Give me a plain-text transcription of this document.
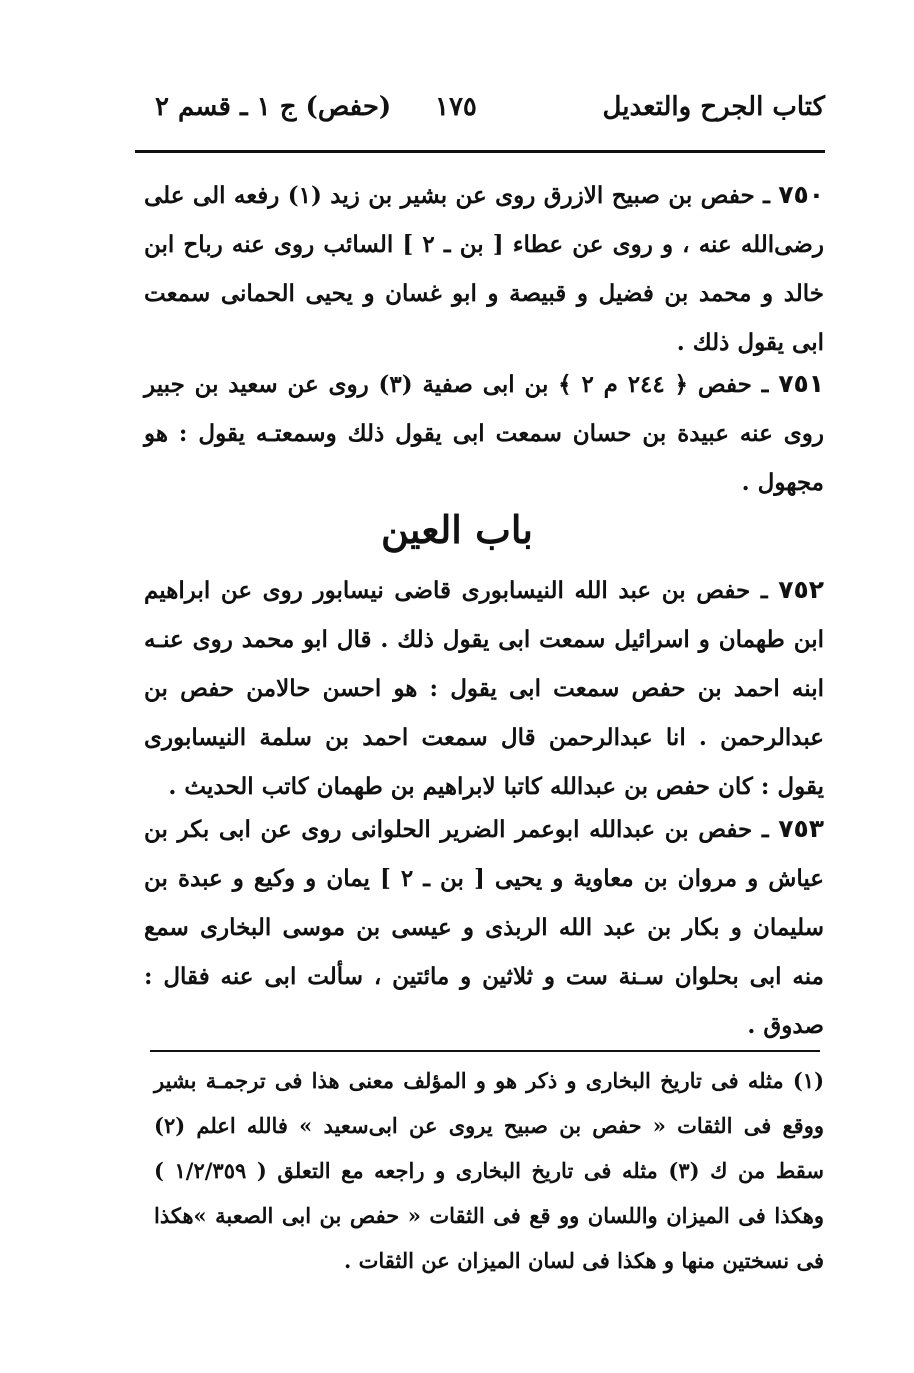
كتاب الجرح والتعديل
١٧٥
(حفص) ج ١ ـ قسم ٢
٧٥٠ ـ حفص بن صبيح الازرق روى عن بشير بن زيد (١) رفعه الى على رضى‌الله عنه ، و روى عن عطاء [ بن ـ ٢ ] السائب روى عنه رباح ابن خالد و محمد بن فضيل و قبيصة و ابو غسان و يحيى الحمانى سمعت ابى يقول ذلك .
٧٥١ ـ حفص ﴿ ٢٤٤ م ٢ ﴾ بن ابى صفية (٣) روى عن سعيد بن جبير روى عنه عبيدة بن حسان سمعت ابى يقول ذلك وسمعتـه يقول : هو مجهول .
باب العين
٧٥٢ ـ حفص بن عبد الله النيسابورى قاضى نيسابور روى عن ابراهيم ابن طهمان و اسرائيل سمعت ابى يقول ذلك . قال ابو محمد روى عنـه ابنه احمد بن حفص سمعت ابى يقول : هو احسن حالامن حفص بن عبدالرحمن . انا عبدالرحمن قال سمعت احمد بن سلمة النيسابورى يقول : كان حفص بن عبدالله كاتبا لابراهيم بن طهمان كاتب الحديث .
٧٥٣ ـ حفص بن عبدالله ابوعمر الضرير الحلوانى روى عن ابى بكر بن عياش و مروان بن معاوية و يحيى [ بن ـ ٢ ] يمان و وكيع و عبدة بن سليمان و بكار بن عبد الله الربذى و عيسى بن موسى البخارى سمع منه ابى بحلوان سـنة ست و ثلاثين و مائتين ، سألت ابى عنه فقال : صدوق .
(١) مثله فى تاريخ البخارى و ذكر هو و المؤلف معنى هذا فى ترجمـة بشير ووقع فى الثقات « حفص بن صبيح يروى عن ابى‌سعيد » فالله اعلم (٢) سقط من ك (٣) مثله فى تاريخ البخارى و راجعه مع التعلق ( ١/٢/٣٥٩ ) وهكذا فى الميزان واللسان وو قع فى الثقات « حفص بن ابى الصعبة »هكذا فى نسختين منها و هكذا فى لسان الميزان عن الثقات .
